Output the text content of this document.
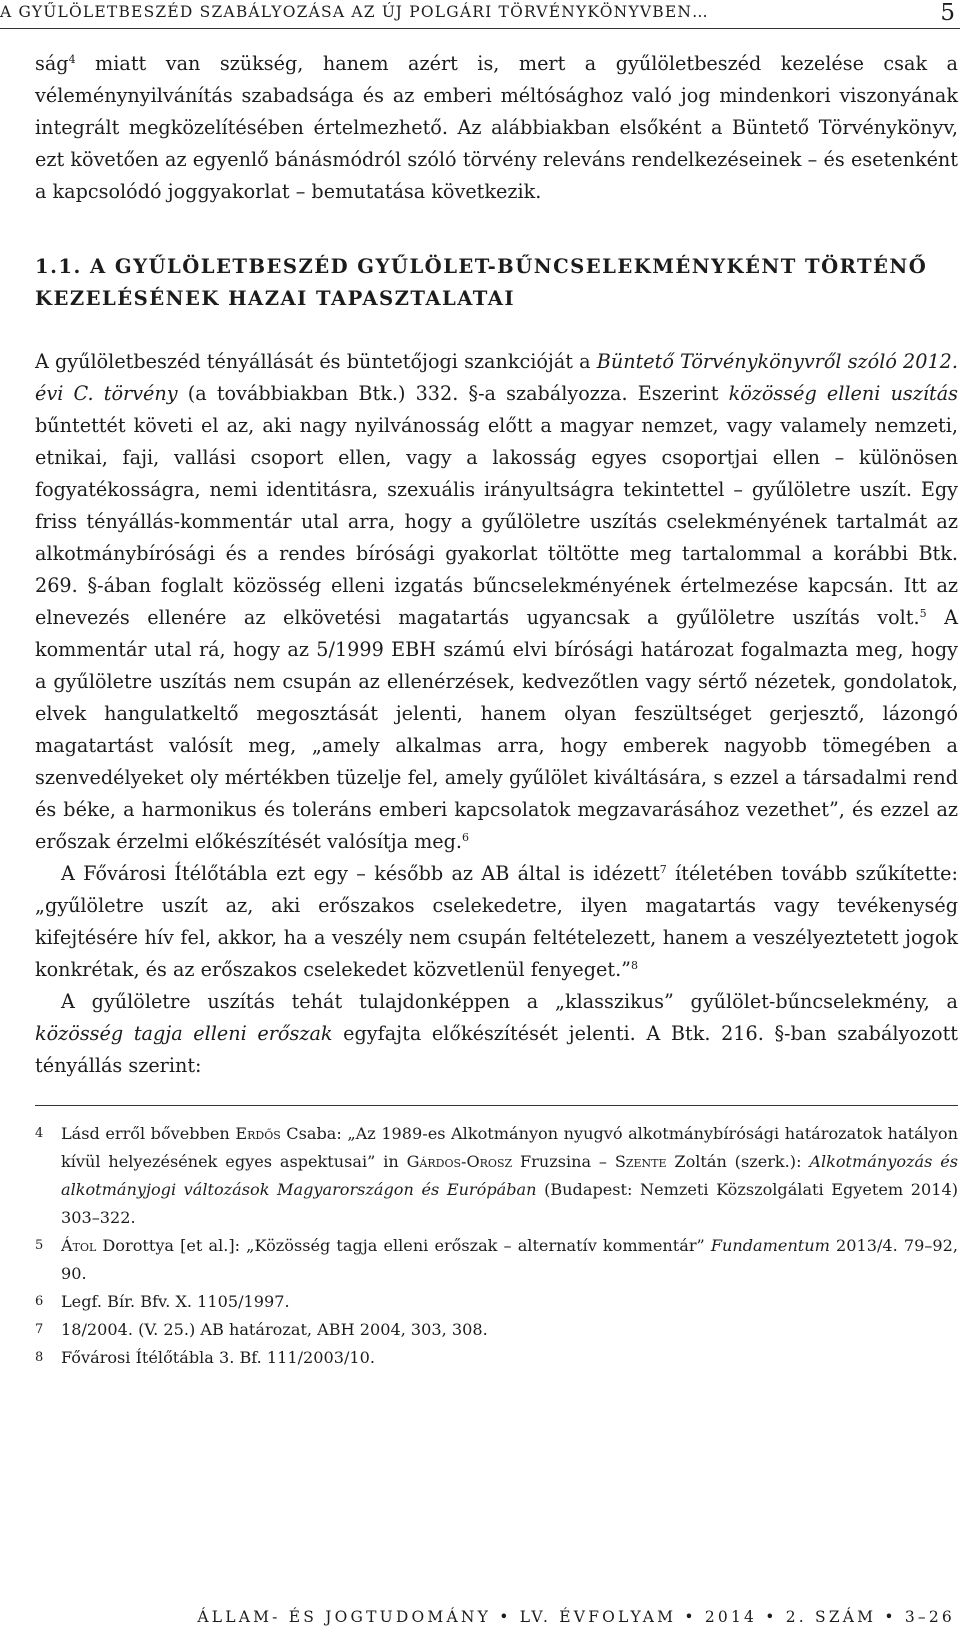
A GYŰLÖLETBESZÉD SZABÁLYOZÁSA AZ ÚJ POLGÁRI TÖRVÉNYKÖNYVBEN…	5

ság$^4$ miatt van szükség, hanem azért is, mert a gyűlöletbeszéd kezelése csak a véleménynyilvánítás szabadsága és az emberi méltósághoz való jog mindenkori viszonyának integrált megközelítésében értelmezhető. Az alábbiakban elsőként a Büntető Törvénykönyv, ezt követően az egyenlő bánásmódról szóló törvény releváns rendelkezéseinek – és esetenként a kapcsolódó joggyakorlat – bemutatása következik.

1.1. A GYŰLÖLETBESZÉD GYŰLÖLET-BŰNCSELEKMÉNYKÉNT TÖRTÉNŐ KEZELÉSÉNEK HAZAI TAPASZTALATAI

A gyűlöletbeszéd tényállását és büntetőjogi szankcióját a Büntető Törvénykönyvről szóló 2012. évi C. törvény (a továbbiakban Btk.) 332. §-a szabályozza. Eszerint közösség elleni uszítás bűntettét követi el az, aki nagy nyilvánosság előtt a magyar nemzet, vagy valamely nemzeti, etnikai, faji, vallási csoport ellen, vagy a lakosság egyes csoportjai ellen – különösen fogyatékosságra, nemi identitásra, szexuális irányultságra tekintettel – gyűlöletre uszít. Egy friss tényállás-kommentár utal arra, hogy a gyűlöletre uszítás cselekményének tartalmát az alkotmánybírósági és a rendes bírósági gyakorlat töltötte meg tartalommal a korábbi Btk. 269. §-ában foglalt közösség elleni izgatás bűncselekményének értelmezése kapcsán. Itt az elnevezés ellenére az elkövetési magatartás ugyancsak a gyűlöletre uszítás volt.$^5$ A kommentár utal rá, hogy az 5/1999 EBH számú elvi bírósági határozat fogalmazta meg, hogy a gyűlöletre uszítás nem csupán az ellenérzések, kedvezőtlen vagy sértő nézetek, gondolatok, elvek hangulatkeltő megosztását jelenti, hanem olyan feszültséget gerjesztő, lázongó magatartást valósít meg, „amely alkalmas arra, hogy emberek nagyobb tömegében a szenvedélyeket oly mértékben tüzelje fel, amely gyűlölet kiváltására, s ezzel a társadalmi rend és béke, a harmonikus és toleráns emberi kapcsolatok megzavarásához vezethet”, és ezzel az erőszak érzelmi előkészítését valósítja meg.$^6$

A Fővárosi Ítélőtábla ezt egy – később az AB által is idézett$^7$ ítéletében tovább szűkítette: „gyűlöletre uszít az, aki erőszakos cselekedetre, ilyen magatartás vagy tevékenység kifejtésére hív fel, akkor, ha a veszély nem csupán feltételezett, hanem a veszélyeztetett jogok konkrétak, és az erőszakos cselekedet közvetlenül fenyeget.”$^8$

A gyűlöletre uszítás tehát tulajdonképpen a „klasszikus” gyűlölet-bűncselekmény, a közösség tagja elleni erőszak egyfajta előkészítését jelenti. A Btk. 216. §-ban szabályozott tényállás szerint:

4 Lásd erről bővebben Erdős Csaba: „Az 1989-es Alkotmányon nyugvó alkotmánybírósági határozatok hatályon kívül helyezésének egyes aspektusai” in Gárdos-Orosz Fruzsina – Szente Zoltán (szerk.): Alkotmányozás és alkotmányjogi változások Magyarországon és Európában (Budapest: Nemzeti Közszolgálati Egyetem 2014) 303–322.
5 Átol Dorottya [et al.]: „Közösség tagja elleni erőszak – alternatív kommentár” Fundamentum 2013/4. 79–92, 90.
6 Legf. Bír. Bfv. X. 1105/1997.
7 18/2004. (V. 25.) AB határozat, ABH 2004, 303, 308.
8 Fővárosi Ítélőtábla 3. Bf. 111/2003/10.
ÁLLAM- ÉS JOGTUDOMÁNY • LV. ÉVFOLYAM • 2014 • 2. SZÁM • 3–26
